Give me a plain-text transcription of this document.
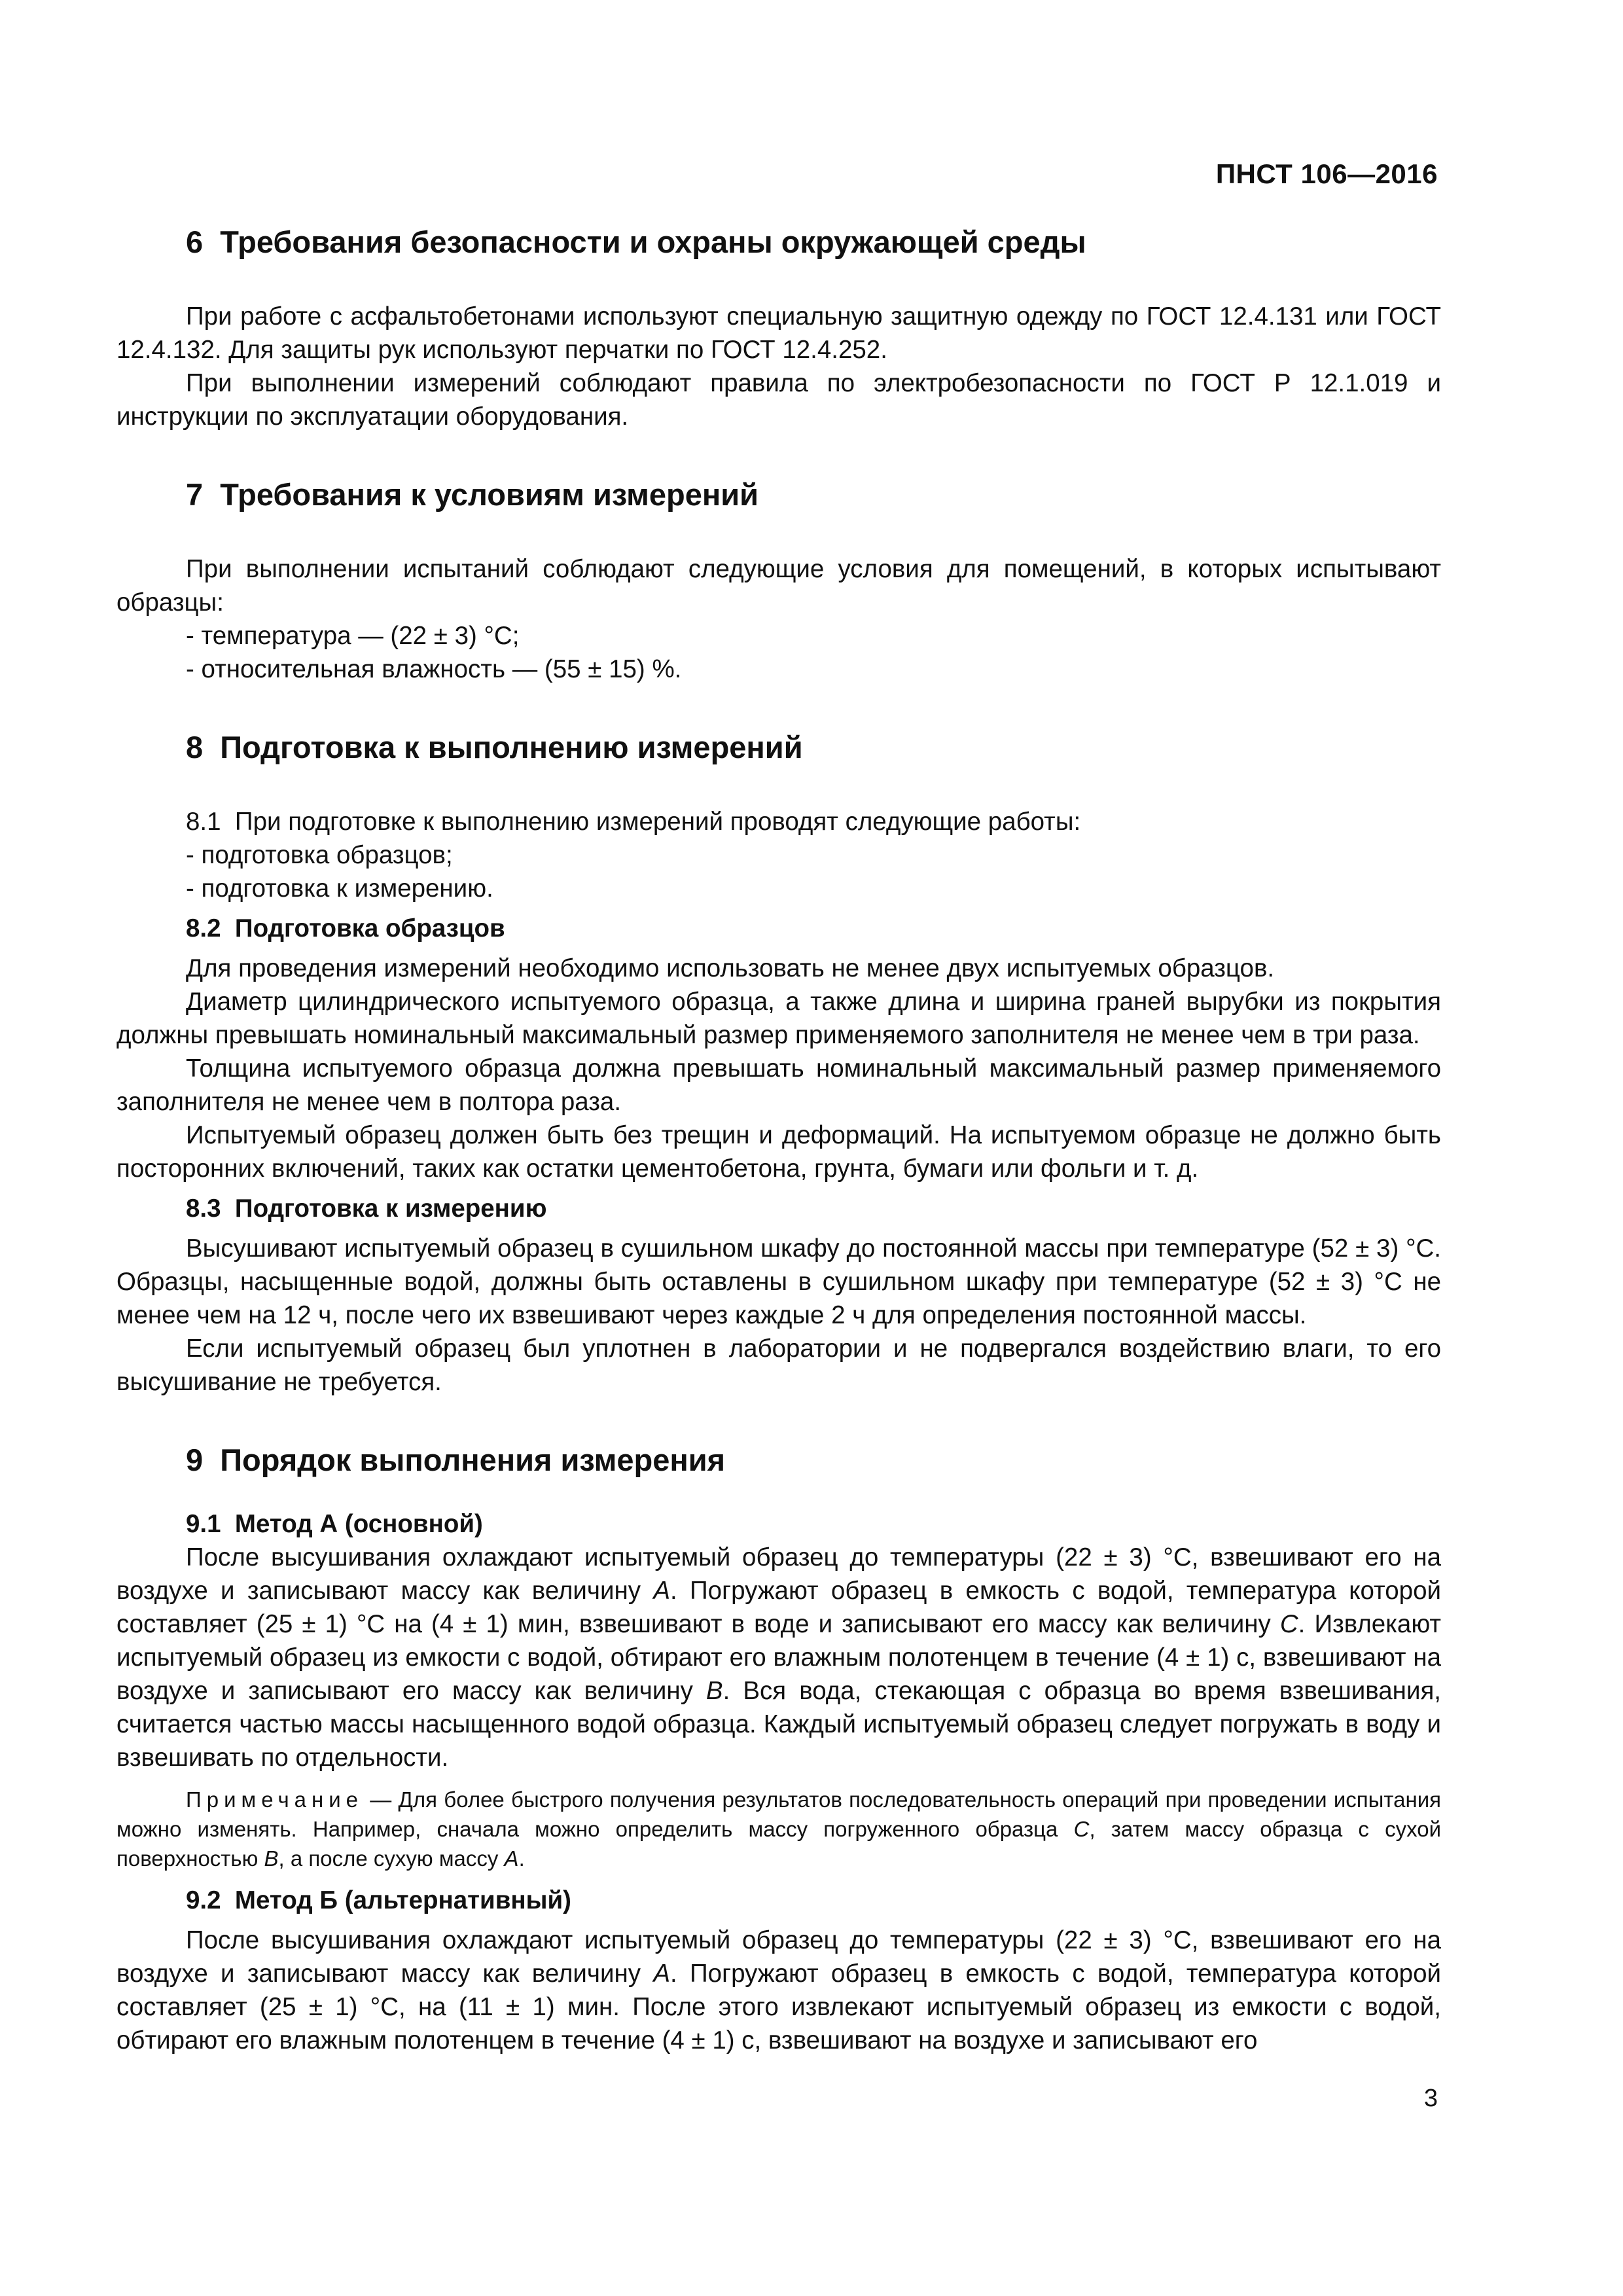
ПНСТ 106—2016
6  Требования безопасности и охраны окружающей среды

При работе с асфальтобетонами используют специальную защитную одежду по ГОСТ 12.4.131 или ГОСТ 12.4.132. Для защиты рук используют перчатки по ГОСТ 12.4.252.

При выполнении измерений соблюдают правила по электробезопасности по ГОСТ Р 12.1.019 и инструкции по эксплуатации оборудования.

7  Требования к условиям измерений

При выполнении испытаний соблюдают следующие условия для помещений, в которых испытывают образцы:

- температура — (22 ± 3) °С;
- относительная влажность — (55 ± 15) %.
8  Подготовка к выполнению измерений
8.1  При подготовке к выполнению измерений проводят следующие работы:
- подготовка образцов;
- подготовка к измерению.
8.2  Подготовка образцов

Для проведения измерений необходимо использовать не менее двух испытуемых образцов.

Диаметр цилиндрического испытуемого образца, а также длина и ширина граней вырубки из покрытия должны превышать номинальный максимальный размер применяемого заполнителя не менее чем в три раза.

Толщина испытуемого образца должна превышать номинальный максимальный размер применяемого заполнителя не менее чем в полтора раза.

Испытуемый образец должен быть без трещин и деформаций. На испытуемом образце не должно быть посторонних включений, таких как остатки цементобетона, грунта, бумаги или фольги и т. д.

8.3  Подготовка к измерению

Высушивают испытуемый образец в сушильном шкафу до постоянной массы при температуре (52 ± 3) °С. Образцы, насыщенные водой, должны быть оставлены в сушильном шкафу при температуре (52 ± 3) °С не менее чем на 12 ч, после чего их взвешивают через каждые 2 ч для определения постоянной массы.

Если испытуемый образец был уплотнен в лаборатории и не подвергался воздействию влаги, то его высушивание не требуется.

9  Порядок выполнения измерения
9.1  Метод А (основной)

После высушивания охлаждают испытуемый образец до температуры (22 ± 3) °С, взвешивают его на воздухе и записывают массу как величину А. Погружают образец в емкость с водой, температура которой составляет (25 ± 1) °С на (4 ± 1) мин, взвешивают в воде и записывают его массу как величину С. Извлекают испытуемый образец из емкости с водой, обтирают его влажным полотенцем в течение (4 ± 1) с, взвешивают на воздухе и записывают его массу как величину В. Вся вода, стекающая с образца во время взвешивания, считается частью массы насыщенного водой образца. Каждый испытуемый образец следует погружать в воду и взвешивать по отдельности.

Примечание — Для более быстрого получения результатов последовательность операций при проведении испытания можно изменять. Например, сначала можно определить массу погруженного образца С, затем массу образца с сухой поверхностью В, а после сухую массу А.

9.2  Метод Б (альтернативный)

После высушивания охлаждают испытуемый образец до температуры (22 ± 3) °С, взвешивают его на воздухе и записывают массу как величину А. Погружают образец в емкость с водой, температура которой составляет (25 ± 1) °С, на (11 ± 1) мин. После этого извлекают испытуемый образец из емкости с водой, обтирают его влажным полотенцем в течение (4 ± 1) с, взвешивают на воздухе и записывают его

3
